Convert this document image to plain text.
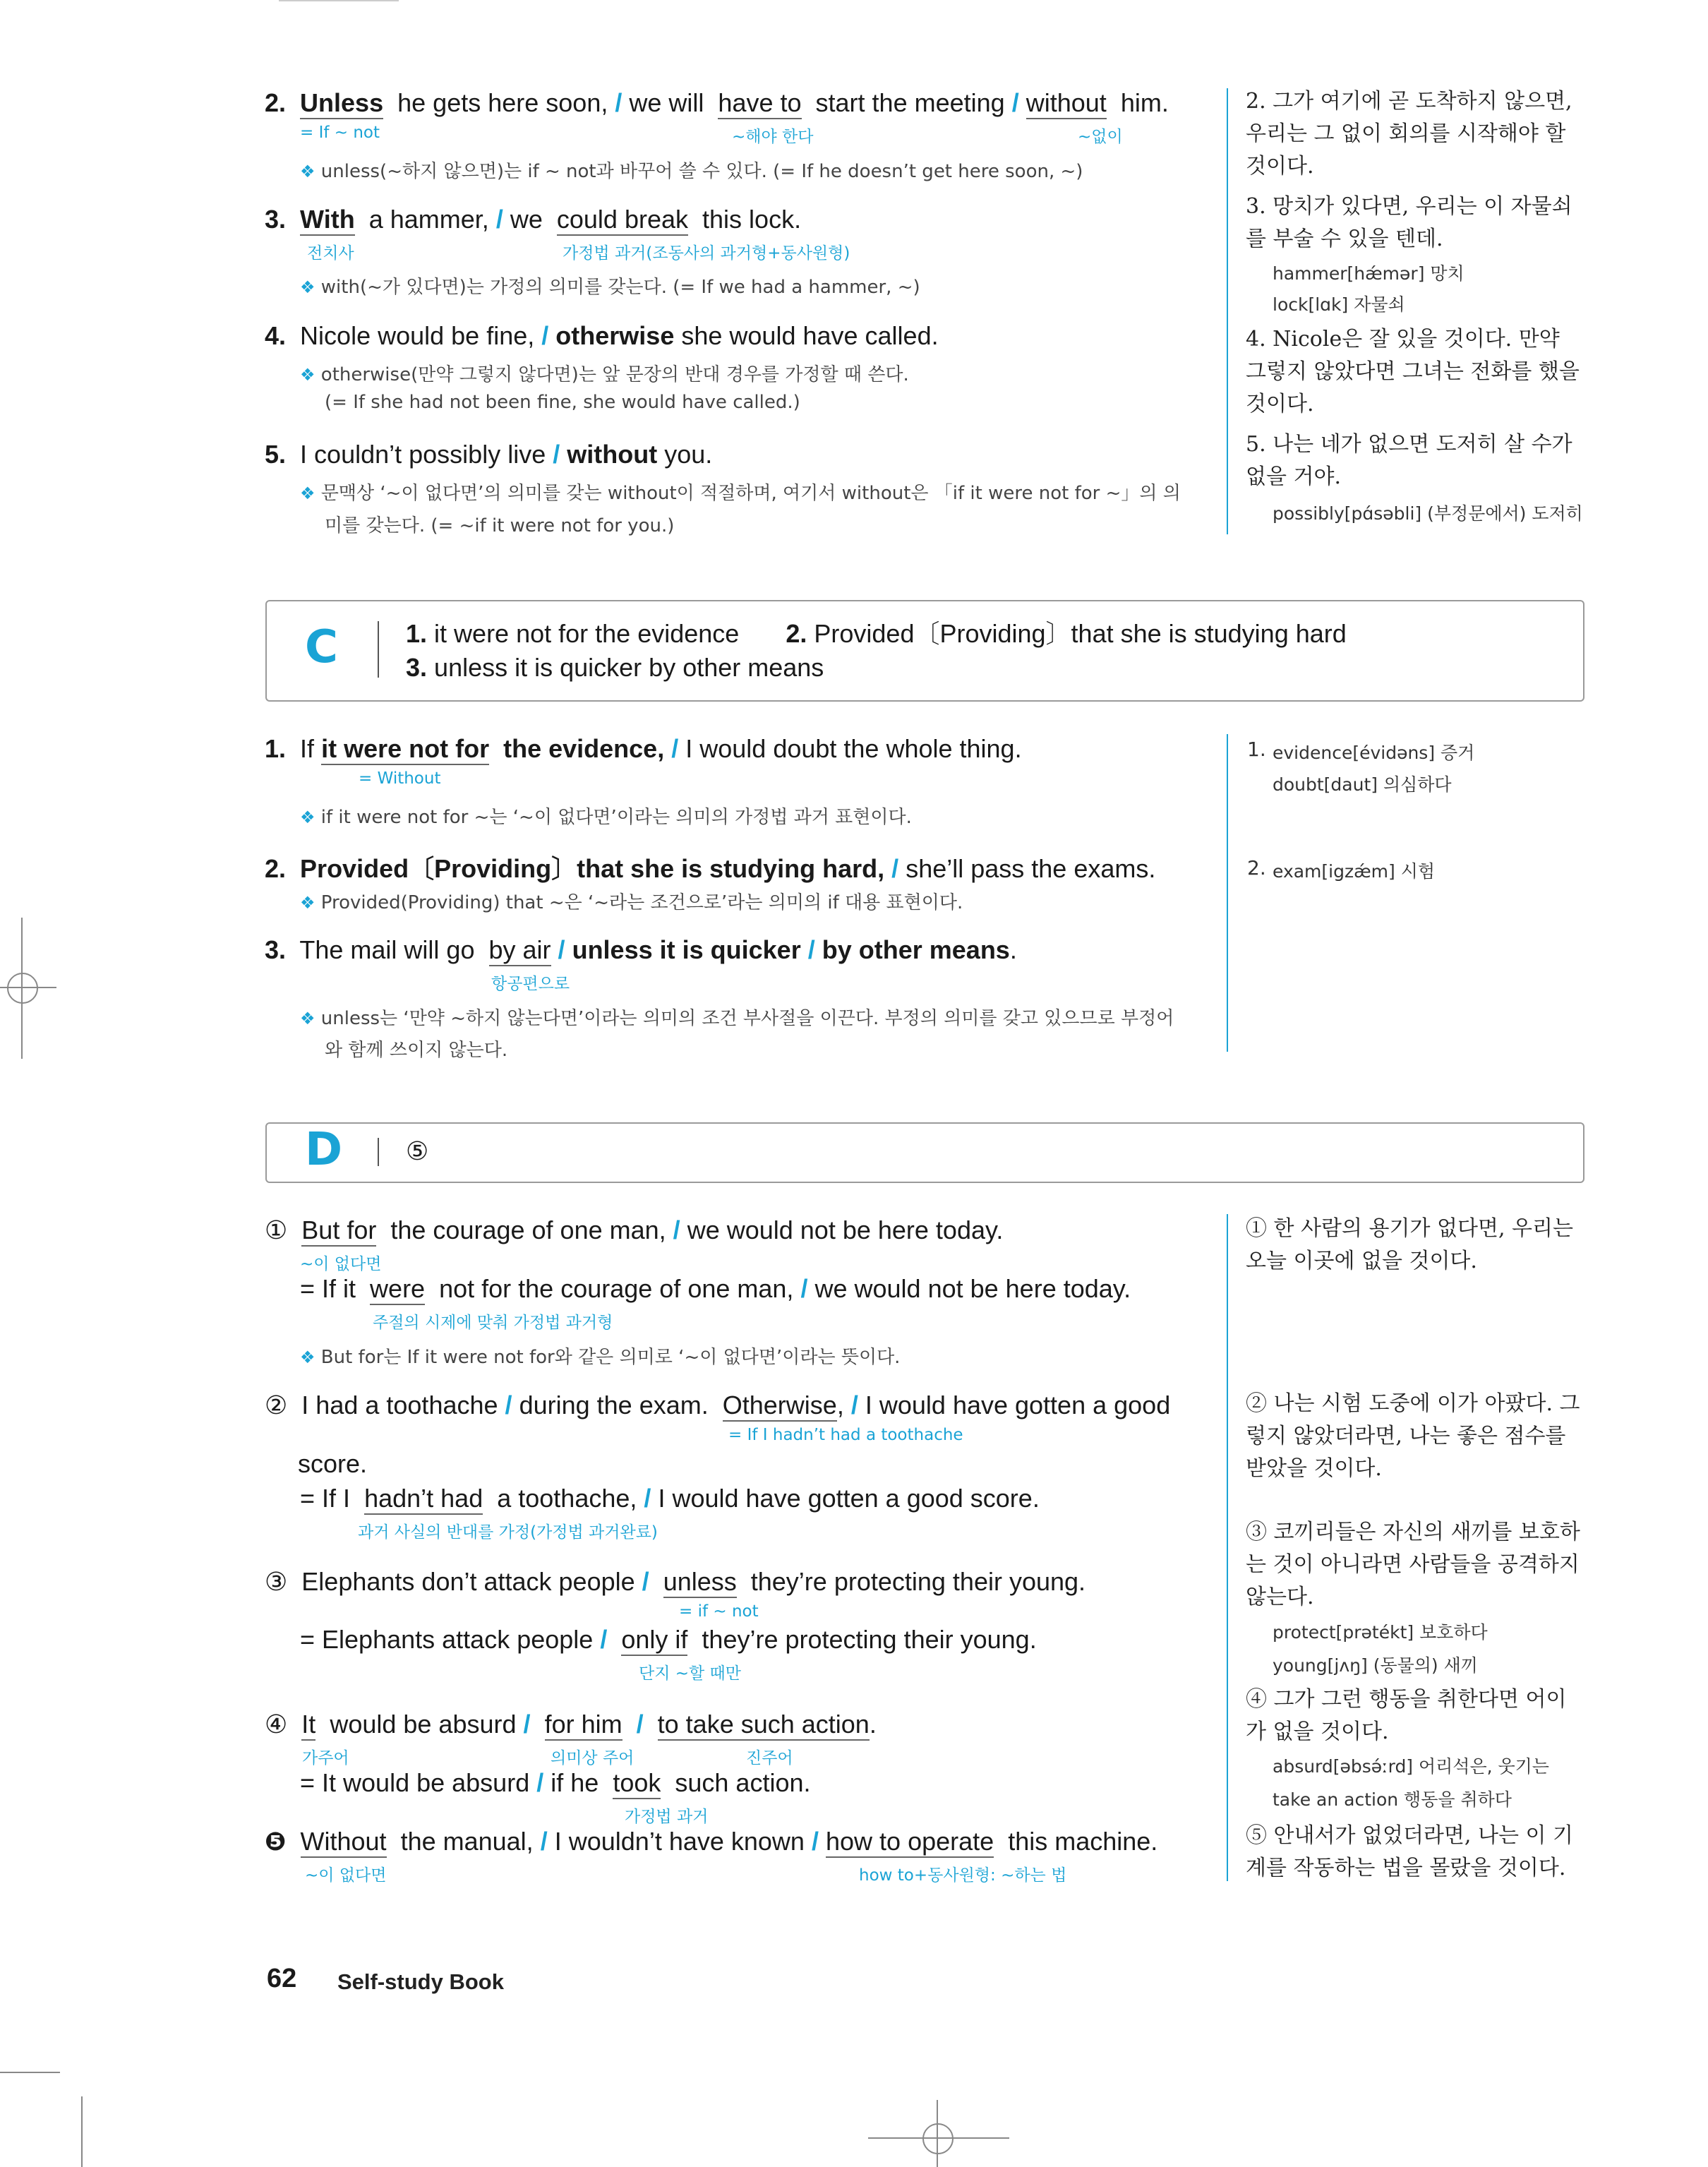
2. Unless he gets here soon, / we will have to start the meeting / without him.
= If ~ not	~해야 한다	~없이
❖ unless(~하지 않으면)는 if ~ not과 바꾸어 쓸 수 있다. (= If he doesn’t get here soon, ~)
2. 그가 여기에 곧 도착하지 않으면, 우리는 그 없이 회의를 시작해야 할 것이다.
3. With a hammer, / we could break this lock.
전치사	가정법 과거(조동사의 과거형+동사원형)
❖ with(~가 있다면)는 가정의 의미를 갖는다. (= If we had a hammer, ~)
3. 망치가 있다면, 우리는 이 자물쇠를 부술 수 있을 텐데.
hammer[hǽmər] 망치
lock[lɑk] 자물쇠
4. Nicole would be fine, / otherwise she would have called.
❖ otherwise(만약 그렇지 않다면)는 앞 문장의 반대 경우를 가정할 때 쓴다.
(= If she had not been fine, she would have called.)
4. Nicole은 잘 있을 것이다. 만약 그렇지 않았다면 그녀는 전화를 했을 것이다.
5. I couldn’t possibly live / without you.
❖ 문맥상 ‘~이 없다면’의 의미를 갖는 without이 적절하며, 여기서 without은 「if it were not for ~」의 의
미를 갖는다. (= ~if it were not for you.)
5. 나는 네가 없으면 도저히 살 수가 없을 거야.
possibly[pɑ́səbli] (부정문에서) 도저히
C	1. it were not for the evidence 2. Provided〔Providing〕that she is studying hard
3. unless it is quicker by other means
1. If it were not for the evidence, / I would doubt the whole thing.
= Without
❖ if it were not for ~는 ‘~이 없다면’이라는 의미의 가정법 과거 표현이다.
1. evidence[évidəns] 증거
doubt[daut] 의심하다
2. Provided〔Providing〕that she is studying hard, / she’ll pass the exams.
❖ Provided(Providing) that ~은 ‘~라는 조건으로’라는 의미의 if 대용 표현이다.
2. exam[igzǽm] 시험
3. The mail will go by air / unless it is quicker / by other means.
항공편으로
❖ unless는 ‘만약 ~하지 않는다면’이라는 의미의 조건 부사절을 이끈다. 부정의 의미를 갖고 있으므로 부정어
와 함께 쓰이지 않는다.
D ⑤
① But for the courage of one man, / we would not be here today.
~이 없다면
= If it were not for the courage of one man, / we would not be here today.
주절의 시제에 맞춰 가정법 과거형
❖ But for는 If it were not for와 같은 의미로 ‘~이 없다면’이라는 뜻이다.
① 한 사람의 용기가 없다면, 우리는 오늘 이곳에 없을 것이다.
② I had a toothache / during the exam. Otherwise, / I would have gotten a good
= If I hadn’t had a toothache
score.
= If I hadn’t had a toothache, / I would have gotten a good score.
과거 사실의 반대를 가정(가정법 과거완료)
② 나는 시험 도중에 이가 아팠다. 그렇지 않았더라면, 나는 좋은 점수를 받았을 것이다.
③ Elephants don’t attack people / unless they’re protecting their young.
= if ~ not
= Elephants attack people / only if they’re protecting their young.
단지 ~할 때만
③ 코끼리들은 자신의 새끼를 보호하는 것이 아니라면 사람들을 공격하지 않는다.
protect[prətékt] 보호하다
young[jʌŋ] (동물의) 새끼
④ It would be absurd / for him / to take such action.
가주어	의미상 주어	진주어
= It would be absurd / if he took such action.
가정법 과거
④ 그가 그런 행동을 취한다면 어이가 없을 것이다.
absurd[əbsə́ːrd] 어리석은, 웃기는
take an action 행동을 취하다
❺ Without the manual, / I wouldn’t have known / how to operate this machine.
~이 없다면	how to+동사원형: ~하는 법
⑤ 안내서가 없었더라면, 나는 이 기계를 작동하는 법을 몰랐을 것이다.
62 Self-study Book
